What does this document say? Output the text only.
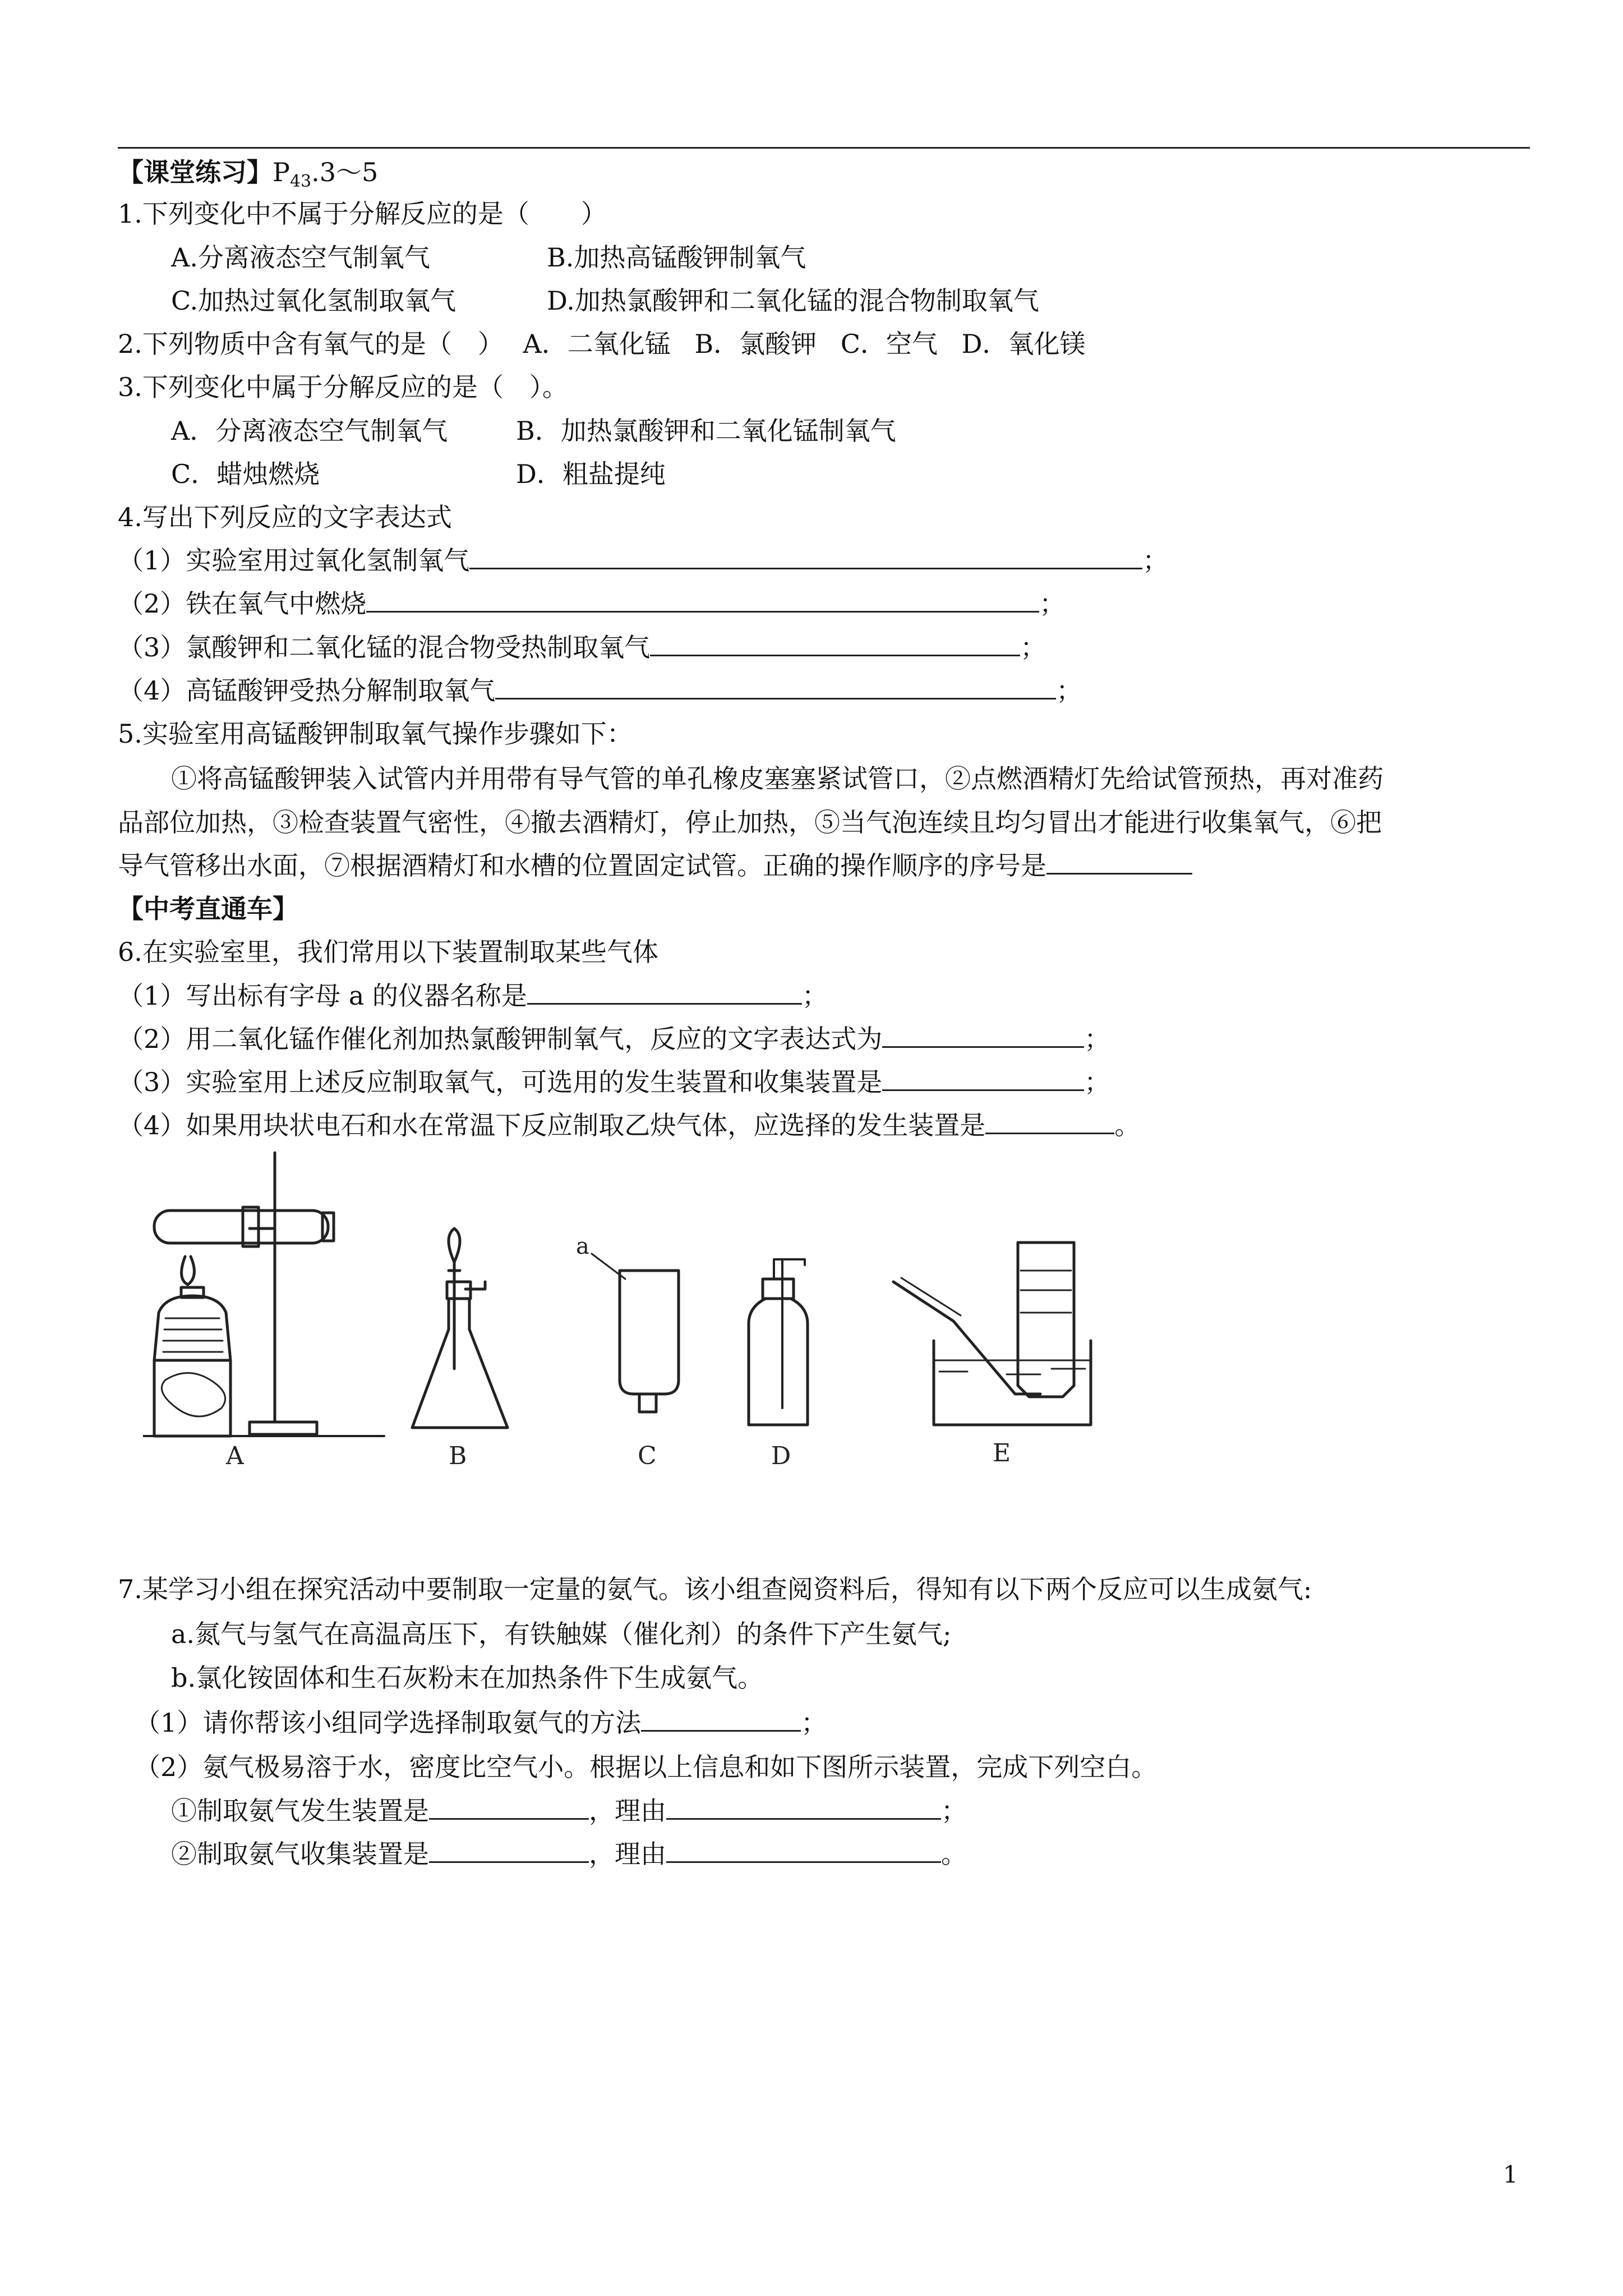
【课堂练习】$P_{43}.3\sim 5$
1.下列变化中不属于分解反应的是（　　）
A.分离液态空气制氧气	B.加热高锰酸钾制氧气
C.加热过氧化氢制取氧气	D.加热氯酸钾和二氧化锰的混合物制取氧气
2.下列物质中含有氧气的是（　） A．二氧化锰 B．氯酸钾 C．空气 D．氧化镁
3.下列变化中属于分解反应的是（　）。
A．分离液态空气制氧气	B．加热氯酸钾和二氧化锰制氧气
C．蜡烛燃烧	D．粗盐提纯
4.写出下列反应的文字表达式
（1）实验室用过氧化氢制氧气	；
（2）铁在氧气中燃烧	；
（3）氯酸钾和二氧化锰的混合物受热制取氧气	；
（4）高锰酸钾受热分解制取氧气	；
5.实验室用高锰酸钾制取氧气操作步骤如下：
①将高锰酸钾装入试管内并用带有导气管的单孔橡皮塞塞紧试管口，②点燃酒精灯先给试管预热，再对准药
品部位加热，③检查装置气密性，④撤去酒精灯，停止加热，⑤当气泡连续且均匀冒出才能进行收集氧气，⑥把
导气管移出水面，⑦根据酒精灯和水槽的位置固定试管。正确的操作顺序的序号是
【中考直通车】
6.在实验室里，我们常用以下装置制取某些气体
（1）写出标有字母 a 的仪器名称是	；
（2）用二氧化锰作催化剂加热氯酸钾制氧气，反应的文字表达式为	；
（3）实验室用上述反应制取氧气，可选用的发生装置和收集装置是	；
（4）如果用块状电石和水在常温下反应制取乙炔气体，应选择的发生装置是	。
A	B
a
C	D	E
7.某学习小组在探究活动中要制取一定量的氨气。该小组查阅资料后，得知有以下两个反应可以生成氨气:
a.氮气与氢气在高温高压下，有铁触媒（催化剂）的条件下产生氨气;
b.氯化铵固体和生石灰粉末在加热条件下生成氨气。
（1）请你帮该小组同学选择制取氨气的方法	；
（2）氨气极易溶于水，密度比空气小。根据以上信息和如下图所示装置，完成下列空白。
①制取氨气发生装置是	，理由	；
②制取氨气收集装置是	，理由	。
1
